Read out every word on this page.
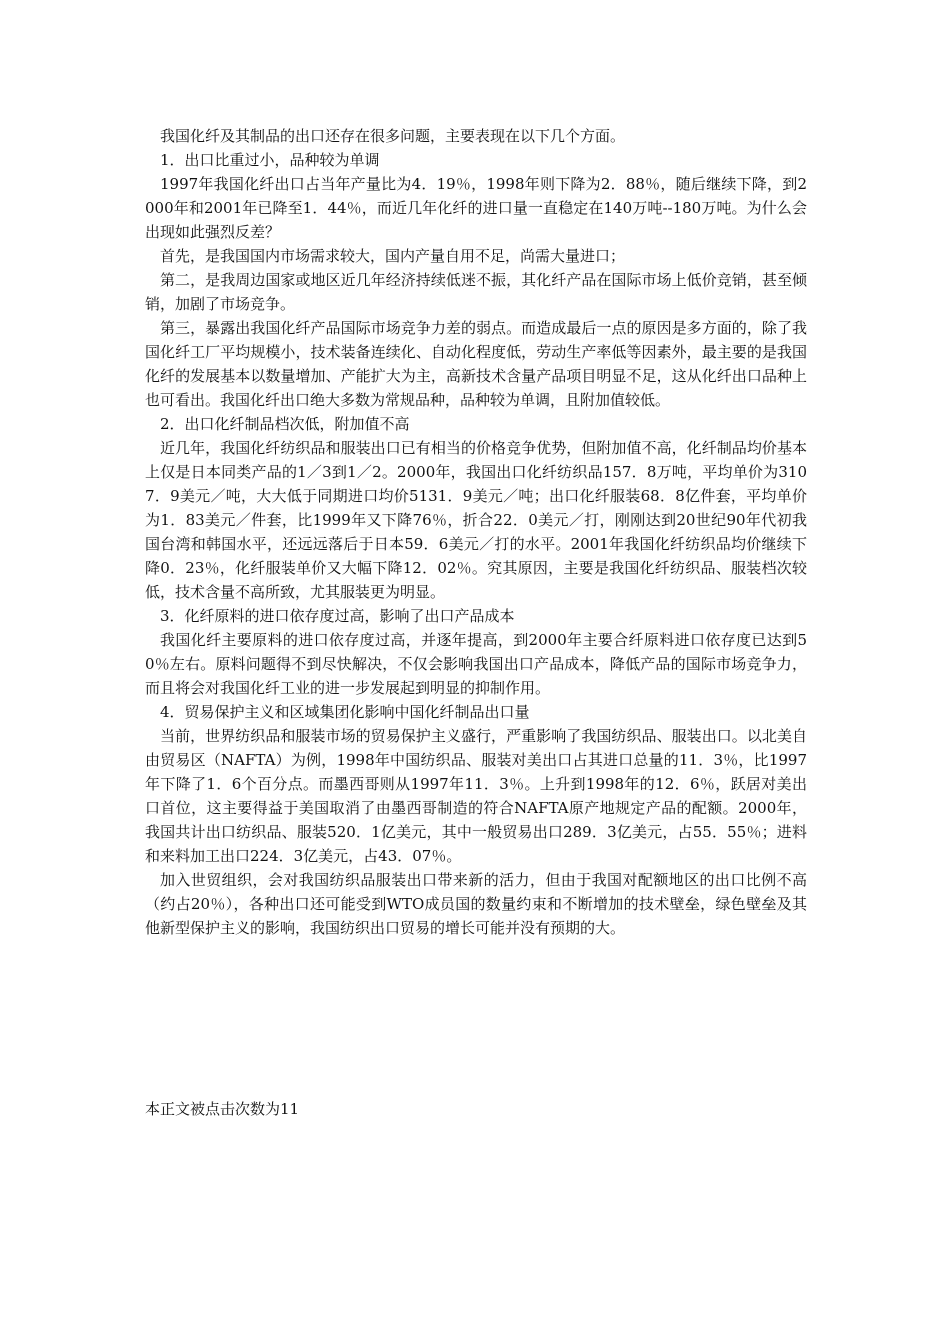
我国化纤及其制品的出口还存在很多问题，主要表现在以下几个方面。

1．出口比重过小，品种较为单调

1997年我国化纤出口占当年产量比为4．19％，1998年则下降为2．88％，随后继续下降，到2000年和2001年已降至1．44％，而近几年化纤的进口量一直稳定在140万吨--180万吨。为什么会出现如此强烈反差？

首先，是我国国内市场需求较大，国内产量自用不足，尚需大量进口；

第二，是我周边国家或地区近几年经济持续低迷不振，其化纤产品在国际市场上低价竞销，甚至倾销，加剧了市场竞争。

第三，暴露出我国化纤产品国际市场竞争力差的弱点。而造成最后一点的原因是多方面的，除了我国化纤工厂平均规模小，技术装备连续化、自动化程度低，劳动生产率低等因素外，最主要的是我国化纤的发展基本以数量增加、产能扩大为主，高新技术含量产品项目明显不足，这从化纤出口品种上也可看出。我国化纤出口绝大多数为常规品种，品种较为单调，且附加值较低。

2．出口化纤制品档次低，附加值不高

近几年，我国化纤纺织品和服装出口已有相当的价格竞争优势，但附加值不高，化纤制品均价基本上仅是日本同类产品的1／3到1／2。2000年，我国出口化纤纺织品157．8万吨，平均单价为3107．9美元／吨，大大低于同期进口均价5131．9美元／吨；出口化纤服装68．8亿件套，平均单价为1．83美元／件套，比1999年又下降76％，折合22．0美元／打，刚刚达到20世纪90年代初我国台湾和韩国水平，还远远落后于日本59．6美元／打的水平。2001年我国化纤纺织品均价继续下降0．23％，化纤服装单价又大幅下降12．02％。究其原因，主要是我国化纤纺织品、服装档次较低，技术含量不高所致，尤其服装更为明显。

3．化纤原料的进口依存度过高，影响了出口产品成本

我国化纤主要原料的进口依存度过高，并逐年提高，到2000年主要合纤原料进口依存度已达到50％左右。原料问题得不到尽快解决，不仅会影响我国出口产品成本，降低产品的国际市场竞争力，而且将会对我国化纤工业的进一步发展起到明显的抑制作用。

4．贸易保护主义和区域集团化影响中国化纤制品出口量

当前，世界纺织品和服装市场的贸易保护主义盛行，严重影响了我国纺织品、服装出口。以北美自由贸易区（NAFTA）为例，1998年中国纺织品、服装对美出口占其进口总量的11．3％，比1997年下降了1．6个百分点。而墨西哥则从1997年11．3％。上升到1998年的12．6％，跃居对美出口首位，这主要得益于美国取消了由墨西哥制造的符合NAFTA原产地规定产品的配额。2000年，我国共计出口纺织品、服装520．1亿美元，其中一般贸易出口289．3亿美元，占55．55％；进料和来料加工出口224．3亿美元，占43．07％。

加入世贸组织，会对我国纺织品服装出口带来新的活力，但由于我国对配额地区的出口比例不高（约占20％），各种出口还可能受到WTO成员国的数量约束和不断增加的技术壁垒，绿色壁垒及其他新型保护主义的影响，我国纺织出口贸易的增长可能并没有预期的大。

本正文被点击次数为11
